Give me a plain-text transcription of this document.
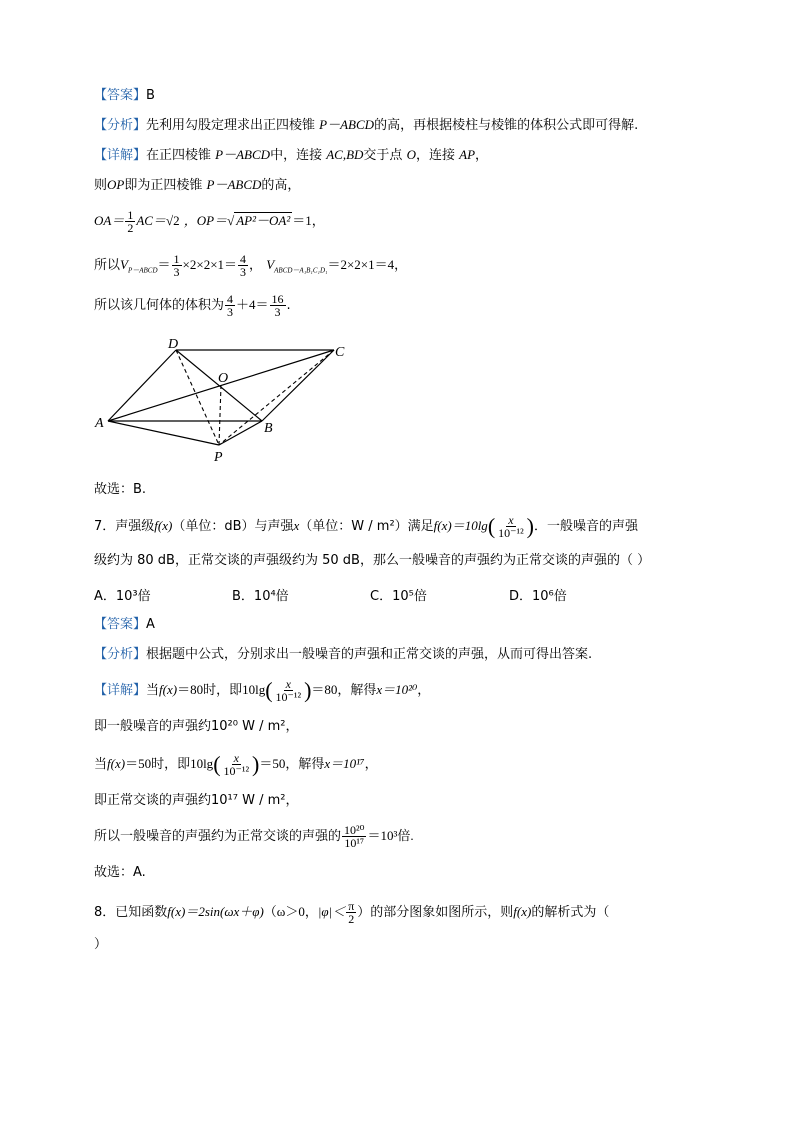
【答案】B
【分析】先利用勾股定理求出正四棱锥 P－ABCD的高，再根据棱柱与棱锥的体积公式即可得解.
【详解】在正四棱锥 P－ABCD中，连接 AC,BD交于点 O，连接 AP，
则OP即为正四棱锥 P－ABCD的高，
$OA= \frac{1}{2} AC=√2$ ，OP＝√ AP²－OA² ＝1，
所以$V_{P-ABCD}= \frac{1}{3} \times 2\times 2\times 1= \frac{4}{3}$ ， $V_{ABCD-A_1B_1C_1D_1}=2\times 2\times 1=4$，
所以该几何体的体积为 $\frac{4}{3} +4= \frac{16}{3}$ .
D
C
O
A	B
P
故选：B.
7．声强级f(x)（单位：dB）与声强x（单位：W / m²）满足$f(x)=10\lg( \frac{x}{\text{10⁻¹²}}$ )．一般噪音的声强
级约为 80 dB，正常交谈的声强级约为 50 dB，那么一般噪音的声强约为正常交谈的声强的（ ）
A．10³倍	B．10⁴倍	C．10⁵倍	D．10⁶倍
【答案】A
【分析】根据题中公式，分别求出一般噪音的声强和正常交谈的声强，从而可得出答案.
【详解】当f(x)＝80时，即$10\lg( \frac{x}{\text{10⁻¹²}} )=80$，解得x＝10²⁰，
即一般噪音的声强约10²⁰ W / m²，
当f(x)＝50时，即$10\lg( \frac{x}{\text{10⁻¹²}} )=50$，解得x＝10¹⁷，
即正常交谈的声强约10¹⁷ W / m²，
所以一般噪音的声强约为正常交谈的声强的 $\frac{\text{10²⁰}}{\text{10¹⁷}} =10^3$倍.
故选：A.
8．已知函数f(x)＝2sin(ωx＋φ)（ω＞0，$|\varphi|< \frac{\pi}{2}$ ）的部分图象如图所示，则f(x)的解析式为（
）
